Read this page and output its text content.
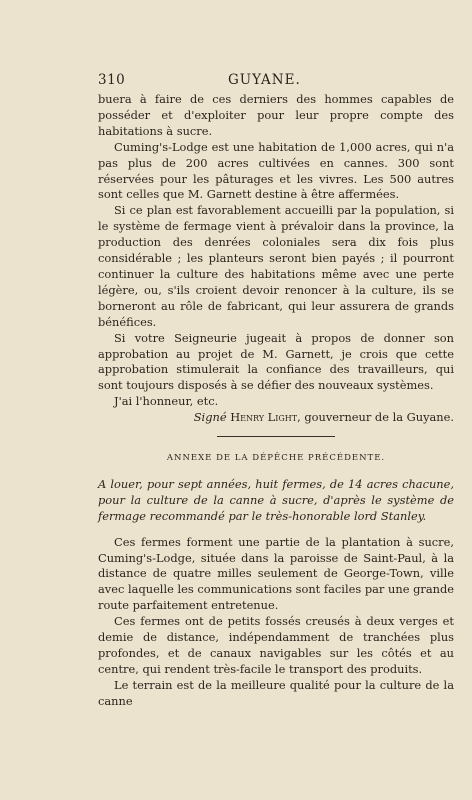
310	GUYANE.

buera à faire de ces derniers des hommes capables de posséder et d'exploiter pour leur propre compte des habitations à sucre.

Cuming's-Lodge est une habitation de 1,000 acres, qui n'a pas plus de 200 acres cultivées en cannes. 300 sont réservées pour les pâturages et les vivres. Les 500 autres sont celles que M. Garnett destine à être affermées.

Si ce plan est favorablement accueilli par la population, si le système de fermage vient à prévaloir dans la province, la production des denrées coloniales sera dix fois plus considérable ; les planteurs seront bien payés ; il pourront continuer la culture des habitations même avec une perte légère, ou, s'ils croient devoir renoncer à la culture, ils se borneront au rôle de fabricant, qui leur assurera de grands bénéfices.

Si votre Seigneurie jugeait à propos de donner son approbation au projet de M. Garnett, je crois que cette approbation stimulerait la confiance des travailleurs, qui sont toujours disposés à se défier des nouveaux systèmes.

J'ai l'honneur, etc.

Signé Henry Light, gouverneur de la Guyane.

ANNEXE DE LA DÉPÊCHE PRÉCÉDENTE.

A louer, pour sept années, huit fermes, de 14 acres chacune, pour la culture de la canne à sucre, d'après le système de fermage recommandé par le très-honorable lord Stanley.

Ces fermes forment une partie de la plantation à sucre, Cuming's-Lodge, située dans la paroisse de Saint-Paul, à la distance de quatre milles seulement de George-Town, ville avec laquelle les communications sont faciles par une grande route parfaitement entretenue.

Ces fermes ont de petits fossés creusés à deux verges et demie de distance, indépendamment de tranchées plus profondes, et de canaux navigables sur les côtés et au centre, qui rendent très-facile le transport des produits.

Le terrain est de la meilleure qualité pour la culture de la canne
